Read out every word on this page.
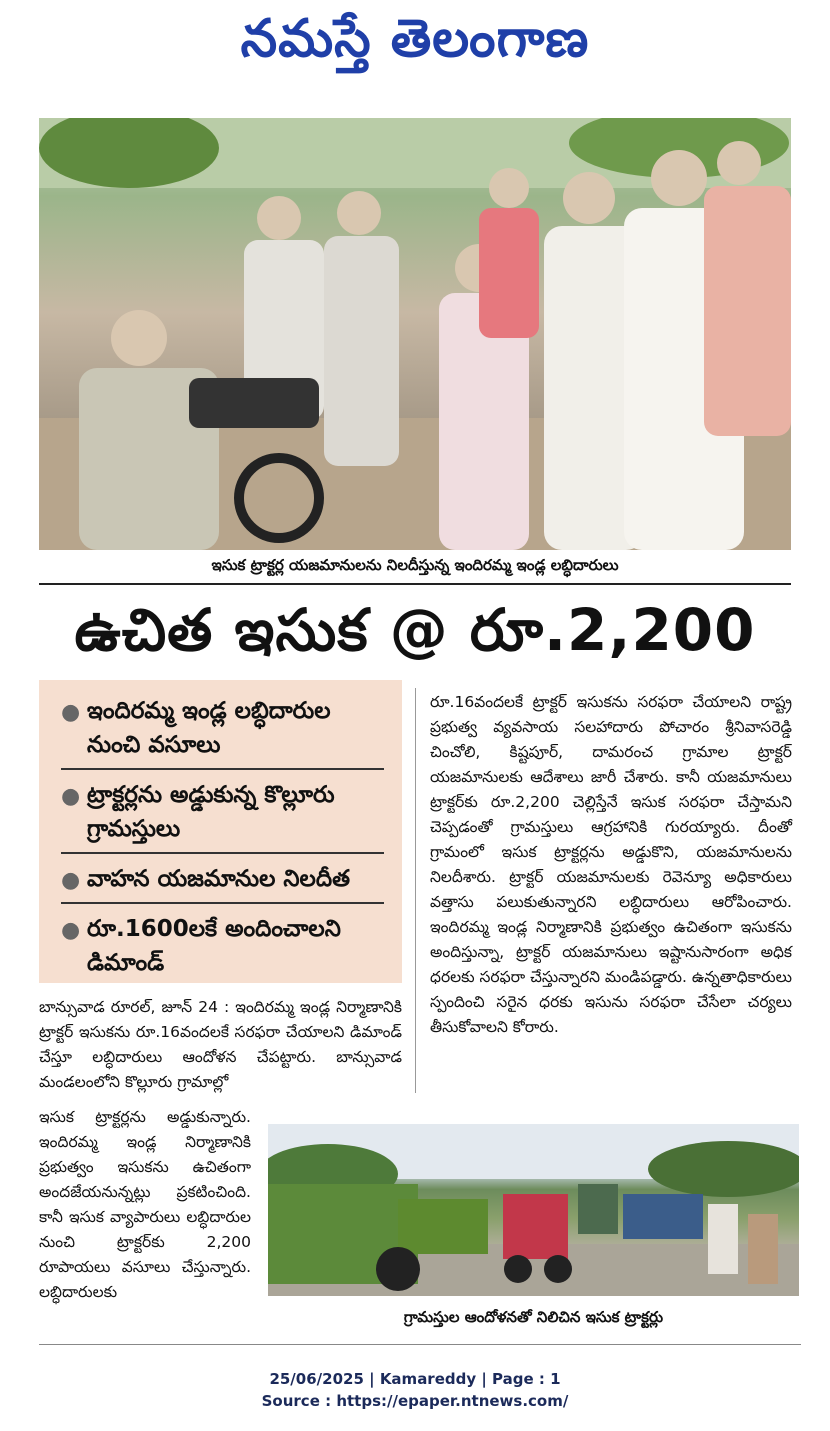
నమస్తే తెలంగాణ
ఇసుక ట్రాక్టర్ల యజమానులను నిలదీస్తున్న ఇందిరమ్మ ఇండ్ల లబ్ధిదారులు
ఉచిత ఇసుక @ రూ.2,200
● ఇందిరమ్మ ఇండ్ల లబ్ధిదారుల నుంచి వసూలు
● ట్రాక్టర్లను అడ్డుకున్న కొల్లూరు గ్రామస్తులు
● వాహన యజమానుల నిలదీత
● రూ.1600లకే అందించాలని డిమాండ్
రూ.16వందలకే ట్రాక్టర్ ఇసుకను సరఫరా చేయాలని రాష్ట్ర ప్రభుత్వ వ్యవసాయ సలహాదారు పోచారం శ్రీనివాసరెడ్డి చించోలి, కిష్టపూర్, దామరంచ గ్రామాల ట్రాక్టర్ యజమానులకు ఆదేశాలు జారీ చేశారు. కానీ యజమానులు ట్రాక్టర్‌కు రూ.2,200 చెల్లిస్తేనే ఇసుక సరఫరా చేస్తామని చెప్పడంతో గ్రామస్తులు ఆగ్రహానికి గురయ్యారు. దీంతో గ్రామంలో ఇసుక ట్రాక్టర్లను అడ్డుకొని, యజమానులను నిలదీశారు. ట్రాక్టర్ యజమానులకు రెవెన్యూ అధికారులు వత్తాసు పలుకుతున్నారని లబ్ధిదారులు ఆరోపించారు. ఇందిరమ్మ ఇండ్ల నిర్మాణానికి ప్రభుత్వం ఉచితంగా ఇసుకను అందిస్తున్నా, ట్రాక్టర్ యజమానులు ఇష్టానుసారంగా అధిక ధరలకు సరఫరా చేస్తున్నారని మండిపడ్డారు. ఉన్నతాధికారులు స్పందించి సరైన ధరకు ఇసును సరఫరా చేసేలా చర్యలు తీసుకోవాలని కోరారు.
బాన్సువాడ రూరల్, జూన్ 24 : ఇందిరమ్మ ఇండ్ల నిర్మాణానికి ట్రాక్టర్ ఇసుకను రూ.16వందలకే సరఫరా చేయాలని డిమాండ్ చేస్తూ లబ్ధిదారులు ఆందోళన చేపట్టారు. బాన్సువాడ మండలంలోని కొల్లూరు గ్రామాల్లో
ఇసుక ట్రాక్టర్లను అడ్డుకున్నారు. ఇందిరమ్మ ఇండ్ల నిర్మాణానికి ప్రభుత్వం ఇసుకను ఉచితంగా అందజేయనున్నట్లు ప్రకటించింది. కానీ ఇసుక వ్యాపారులు లబ్ధిదారుల నుంచి ట్రాక్టర్‌కు 2,200 రూపాయలు వసూలు చేస్తున్నారు. లబ్ధిదారులకు
గ్రామస్తుల ఆందోళనతో నిలిచిన ఇసుక ట్రాక్టర్లు
25/06/2025 | Kamareddy | Page : 1
Source : https://epaper.ntnews.com/
